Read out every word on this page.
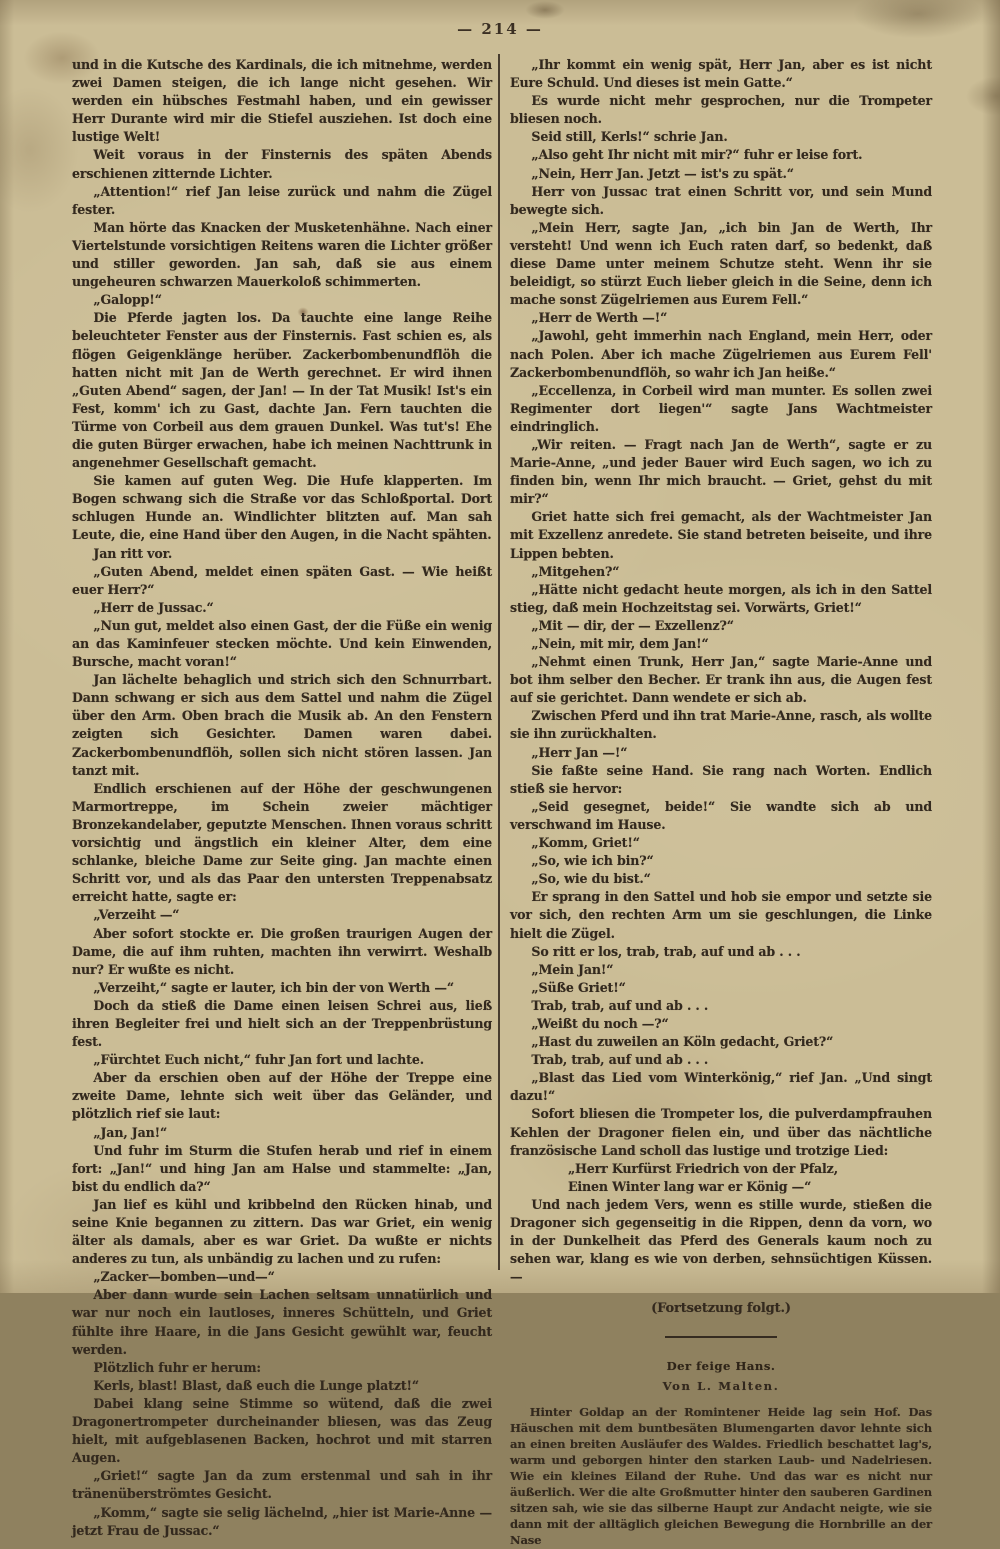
— 214 —

und in die Kutsche des Kardinals, die ich mitnehme, werden zwei Damen steigen, die ich lange nicht gesehen. Wir werden ein hübsches Festmahl haben, und ein gewisser Herr Durante wird mir die Stiefel ausziehen. Ist doch eine lustige Welt!

Weit voraus in der Finsternis des späten Abends erschienen zitternde Lichter.

„Attention!“ rief Jan leise zurück und nahm die Zügel fester.

Man hörte das Knacken der Musketenhähne. Nach einer Viertelstunde vorsichtigen Reitens waren die Lichter größer und stiller geworden. Jan sah, daß sie aus einem ungeheuren schwarzen Mauerkoloß schimmerten.

„Galopp!“

Die Pferde jagten los. Da tauchte eine lange Reihe beleuchteter Fenster aus der Finsternis. Fast schien es, als flögen Geigenklänge herüber. Zackerbombenundflöh die hatten nicht mit Jan de Werth gerechnet. Er wird ihnen „Guten Abend“ sagen, der Jan! — In der Tat Musik! Ist's ein Fest, komm' ich zu Gast, dachte Jan. Fern tauchten die Türme von Corbeil aus dem grauen Dunkel. Was tut's! Ehe die guten Bürger erwachen, habe ich meinen Nachttrunk in angenehmer Gesellschaft gemacht.

Sie kamen auf guten Weg. Die Hufe klapperten. Im Bogen schwang sich die Straße vor das Schloßportal. Dort schlugen Hunde an. Windlichter blitzten auf. Man sah Leute, die, eine Hand über den Augen, in die Nacht spähten.

Jan ritt vor.

„Guten Abend, meldet einen späten Gast. — Wie heißt euer Herr?“

„Herr de Jussac.“

„Nun gut, meldet also einen Gast, der die Füße ein wenig an das Kaminfeuer stecken möchte. Und kein Einwenden, Bursche, macht voran!“

Jan lächelte behaglich und strich sich den Schnurrbart. Dann schwang er sich aus dem Sattel und nahm die Zügel über den Arm. Oben brach die Musik ab. An den Fenstern zeigten sich Gesichter. Damen waren dabei. Zackerbombenundflöh, sollen sich nicht stören lassen. Jan tanzt mit.

Endlich erschienen auf der Höhe der geschwungenen Marmortreppe, im Schein zweier mächtiger Bronzekandelaber, geputzte Menschen. Ihnen voraus schritt vorsichtig und ängstlich ein kleiner Alter, dem eine schlanke, bleiche Dame zur Seite ging. Jan machte einen Schritt vor, und als das Paar den untersten Treppenabsatz erreicht hatte, sagte er:

„Verzeiht —“

Aber sofort stockte er. Die großen traurigen Augen der Dame, die auf ihm ruhten, machten ihn verwirrt. Weshalb nur? Er wußte es nicht.

„Verzeiht,“ sagte er lauter, ich bin der von Werth —“

Doch da stieß die Dame einen leisen Schrei aus, ließ ihren Begleiter frei und hielt sich an der Treppenbrüstung fest.

„Fürchtet Euch nicht,“ fuhr Jan fort und lachte.

Aber da erschien oben auf der Höhe der Treppe eine zweite Dame, lehnte sich weit über das Geländer, und plötzlich rief sie laut:

„Jan, Jan!“

Und fuhr im Sturm die Stufen herab und rief in einem fort: „Jan!“ und hing Jan am Halse und stammelte: „Jan, bist du endlich da?“

Jan lief es kühl und kribbelnd den Rücken hinab, und seine Knie begannen zu zittern. Das war Griet, ein wenig älter als damals, aber es war Griet. Da wußte er nichts anderes zu tun, als unbändig zu lachen und zu rufen:

„Zacker—bomben—und—“

Aber dann wurde sein Lachen seltsam unnatürlich und war nur noch ein lautloses, inneres Schütteln, und Griet fühlte ihre Haare, in die Jans Gesicht gewühlt war, feucht werden.

Plötzlich fuhr er herum:

Kerls, blast! Blast, daß euch die Lunge platzt!“

Dabei klang seine Stimme so wütend, daß die zwei Dragonertrompeter durcheinander bliesen, was das Zeug hielt, mit aufgeblasenen Backen, hochrot und mit starren Augen.

„Griet!“ sagte Jan da zum erstenmal und sah in ihr tränenüberströmtes Gesicht.

„Komm,“ sagte sie selig lächelnd, „hier ist Marie-Anne — jetzt Frau de Jussac.“

„Ihr kommt ein wenig spät, Herr Jan, aber es ist nicht Eure Schuld. Und dieses ist mein Gatte.“

Es wurde nicht mehr gesprochen, nur die Trompeter bliesen noch.

Seid still, Kerls!“ schrie Jan.

„Also geht Ihr nicht mit mir?“ fuhr er leise fort.

„Nein, Herr Jan. Jetzt — ist's zu spät.“

Herr von Jussac trat einen Schritt vor, und sein Mund bewegte sich.

„Mein Herr, sagte Jan, „ich bin Jan de Werth, Ihr versteht! Und wenn ich Euch raten darf, so bedenkt, daß diese Dame unter meinem Schutze steht. Wenn ihr sie beleidigt, so stürzt Euch lieber gleich in die Seine, denn ich mache sonst Zügelriemen aus Eurem Fell.“

„Herr de Werth —!“

„Jawohl, geht immerhin nach England, mein Herr, oder nach Polen. Aber ich mache Zügelriemen aus Eurem Fell' Zackerbombenundflöh, so wahr ich Jan heiße.“

„Eccellenza, in Corbeil wird man munter. Es sollen zwei Regimenter dort liegen'“ sagte Jans Wachtmeister eindringlich.

„Wir reiten. — Fragt nach Jan de Werth“, sagte er zu Marie-Anne, „und jeder Bauer wird Euch sagen, wo ich zu finden bin, wenn Ihr mich braucht. — Griet, gehst du mit mir?“

Griet hatte sich frei gemacht, als der Wachtmeister Jan mit Exzellenz anredete. Sie stand betreten beiseite, und ihre Lippen bebten.

„Mitgehen?“

„Hätte nicht gedacht heute morgen, als ich in den Sattel stieg, daß mein Hochzeitstag sei. Vorwärts, Griet!“

„Mit — dir, der — Exzellenz?“

„Nein, mit mir, dem Jan!“

„Nehmt einen Trunk, Herr Jan,“ sagte Marie-Anne und bot ihm selber den Becher. Er trank ihn aus, die Augen fest auf sie gerichtet. Dann wendete er sich ab.

Zwischen Pferd und ihn trat Marie-Anne, rasch, als wollte sie ihn zurückhalten.

„Herr Jan —!“

Sie faßte seine Hand. Sie rang nach Worten. Endlich stieß sie hervor:

„Seid gesegnet, beide!“ Sie wandte sich ab und verschwand im Hause.

„Komm, Griet!“

„So, wie ich bin?“

„So, wie du bist.“

Er sprang in den Sattel und hob sie empor und setzte sie vor sich, den rechten Arm um sie geschlungen, die Linke hielt die Zügel.

So ritt er los, trab, trab, auf und ab . . .

„Mein Jan!“

„Süße Griet!“

Trab, trab, auf und ab . . .

„Weißt du noch —?“

„Hast du zuweilen an Köln gedacht, Griet?“

Trab, trab, auf und ab . . .

„Blast das Lied vom Winterkönig,“ rief Jan. „Und singt dazu!“

Sofort bliesen die Trompeter los, die pulverdampfrauhen Kehlen der Dragoner fielen ein, und über das nächtliche französische Land scholl das lustige und trotzige Lied:

„Herr Kurfürst Friedrich von der Pfalz,

Einen Winter lang war er König —“

Und nach jedem Vers, wenn es stille wurde, stießen die Dragoner sich gegenseitig in die Rippen, denn da vorn, wo in der Dunkelheit das Pferd des Generals kaum noch zu sehen war, klang es wie von derben, sehnsüchtigen Küssen. —

(Fortsetzung folgt.)

Der feige Hans.

Von L. Malten.

Hinter Goldap an der Romintener Heide lag sein Hof. Das Häuschen mit dem buntbesäten Blumengarten davor lehnte sich an einen breiten Ausläufer des Waldes. Friedlich beschattet lag's, warm und geborgen hinter den starken Laub- und Nadelriesen. Wie ein kleines Eiland der Ruhe. Und das war es nicht nur äußerlich. Wer die alte Großmutter hinter den sauberen Gardinen sitzen sah, wie sie das silberne Haupt zur Andacht neigte, wie sie dann mit der alltäglich gleichen Bewegung die Hornbrille an der Nase
